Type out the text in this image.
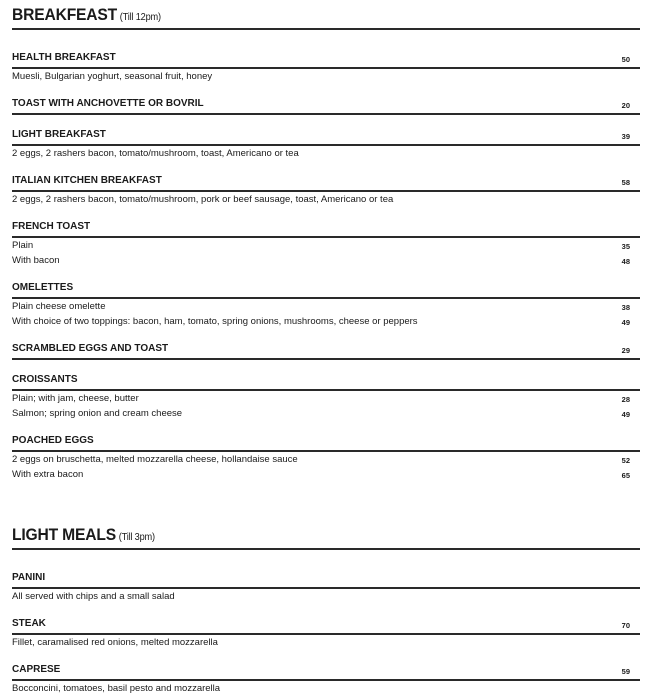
BREAKFEAST (Till 12pm)
HEALTH BREAKFAST	50
Muesli, Bulgarian yoghurt, seasonal fruit, honey
TOAST WITH ANCHOVETTE OR BOVRIL	20
LIGHT BREAKFAST	39
2 eggs, 2 rashers bacon, tomato/mushroom, toast, Americano or tea
ITALIAN KITCHEN BREAKFAST	58
2 eggs, 2 rashers bacon, tomato/mushroom, pork or beef sausage, toast, Americano or tea
FRENCH TOAST
Plain	35
With bacon	48
OMELETTES
Plain cheese omelette	38
With choice of two toppings: bacon, ham, tomato, spring onions, mushrooms, cheese or peppers	49
SCRAMBLED EGGS AND TOAST	29
CROISSANTS
Plain; with jam, cheese, butter	28
Salmon; spring onion and cream cheese	49
POACHED EGGS
2 eggs on bruschetta, melted mozzarella cheese, hollandaise sauce	52
With extra bacon	65
LIGHT MEALS (Till 3pm)
PANINI
All served with chips and a small salad
STEAK	70
Fillet, caramalised red onions, melted mozzarella
CAPRESE	59
Bocconcini, tomatoes, basil pesto and mozzarella
